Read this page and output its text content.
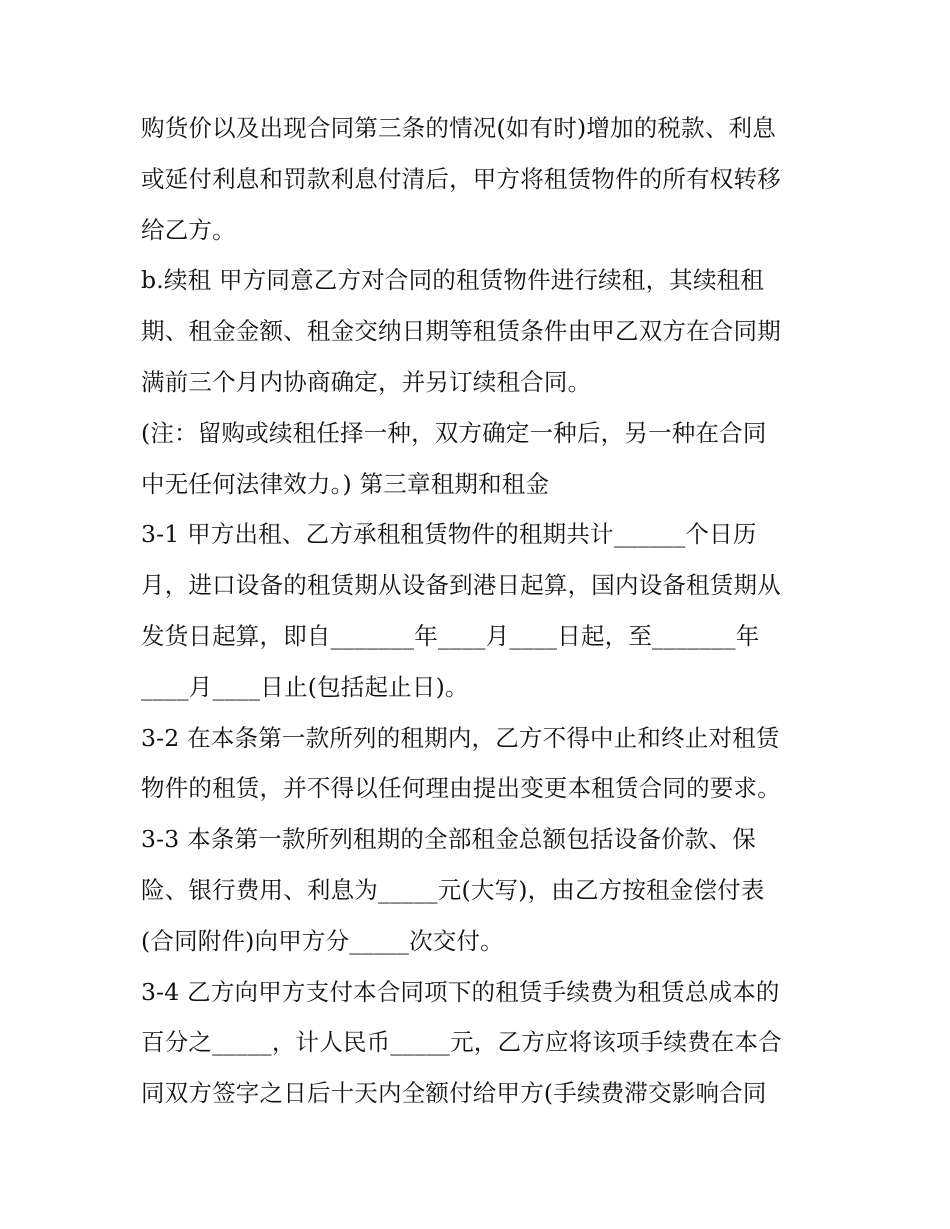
购货价以及出现合同第三条的情况(如有时)增加的税款、利息
或延付利息和罚款利息付清后，甲方将租赁物件的所有权转移
给乙方。
b.续租 甲方同意乙方对合同的租赁物件进行续租，其续租租
期、租金金额、租金交纳日期等租赁条件由甲乙双方在合同期
满前三个月内协商确定，并另订续租合同。
(注：留购或续租任择一种，双方确定一种后，另一种在合同
中无任何法律效力。) 第三章租期和租金
3-1 甲方出租、乙方承租租赁物件的租期共计______个日历
月，进口设备的租赁期从设备到港日起算，国内设备租赁期从
发货日起算，即自_______年____月____日起，至_______年
____月____日止(包括起止日)。
3-2 在本条第一款所列的租期内，乙方不得中止和终止对租赁
物件的租赁，并不得以任何理由提出变更本租赁合同的要求。
3-3 本条第一款所列租期的全部租金总额包括设备价款、保
险、银行费用、利息为_____元(大写)，由乙方按租金偿付表
(合同附件)向甲方分_____次交付。
3-4 乙方向甲方支付本合同项下的租赁手续费为租赁总成本的
百分之_____，计人民币_____元，乙方应将该项手续费在本合
同双方签字之日后十天内全额付给甲方(手续费滞交影响合同
